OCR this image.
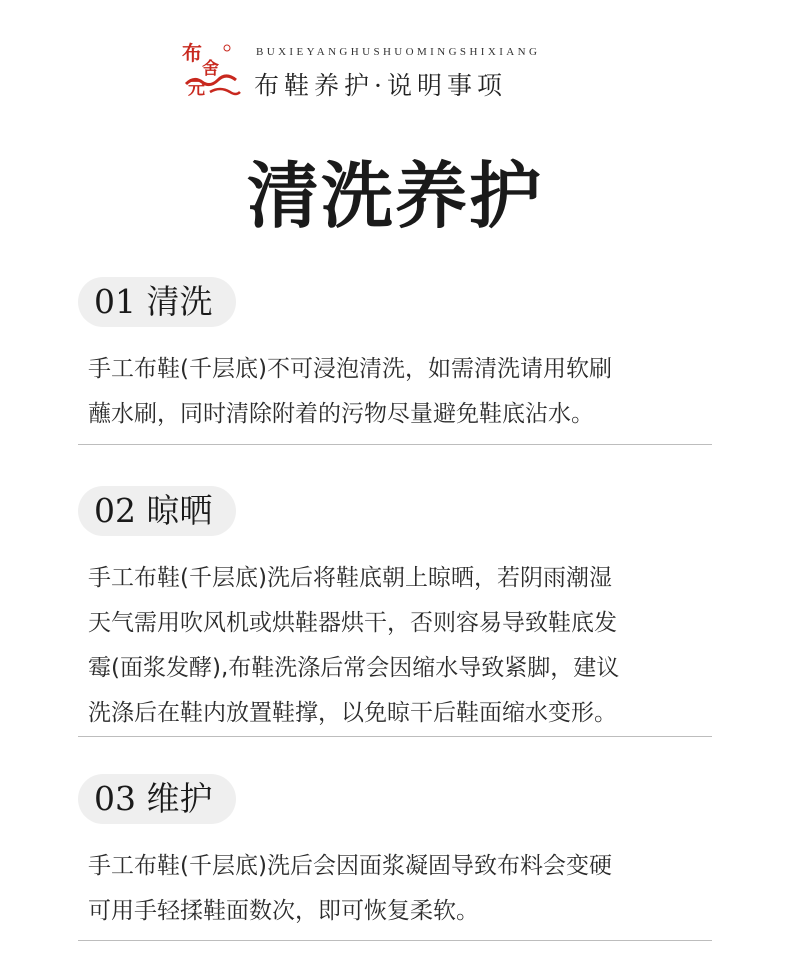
布
舍
元
BUXIEYANGHUSHUOMINGSHIXIANG
布鞋养护·说明事项
清洗养护
01 清洗
手工布鞋(千层底)不可浸泡清洗，如需清洗请用软刷
蘸水刷，同时清除附着的污物尽量避免鞋底沾水。
02 晾晒
手工布鞋(千层底)洗后将鞋底朝上晾晒，若阴雨潮湿
天气需用吹风机或烘鞋器烘干，否则容易导致鞋底发
霉(面浆发酵),布鞋洗涤后常会因缩水导致紧脚，建议
洗涤后在鞋内放置鞋撑，以免晾干后鞋面缩水变形。
03 维护
手工布鞋(千层底)洗后会因面浆凝固导致布料会变硬
可用手轻揉鞋面数次，即可恢复柔软。
